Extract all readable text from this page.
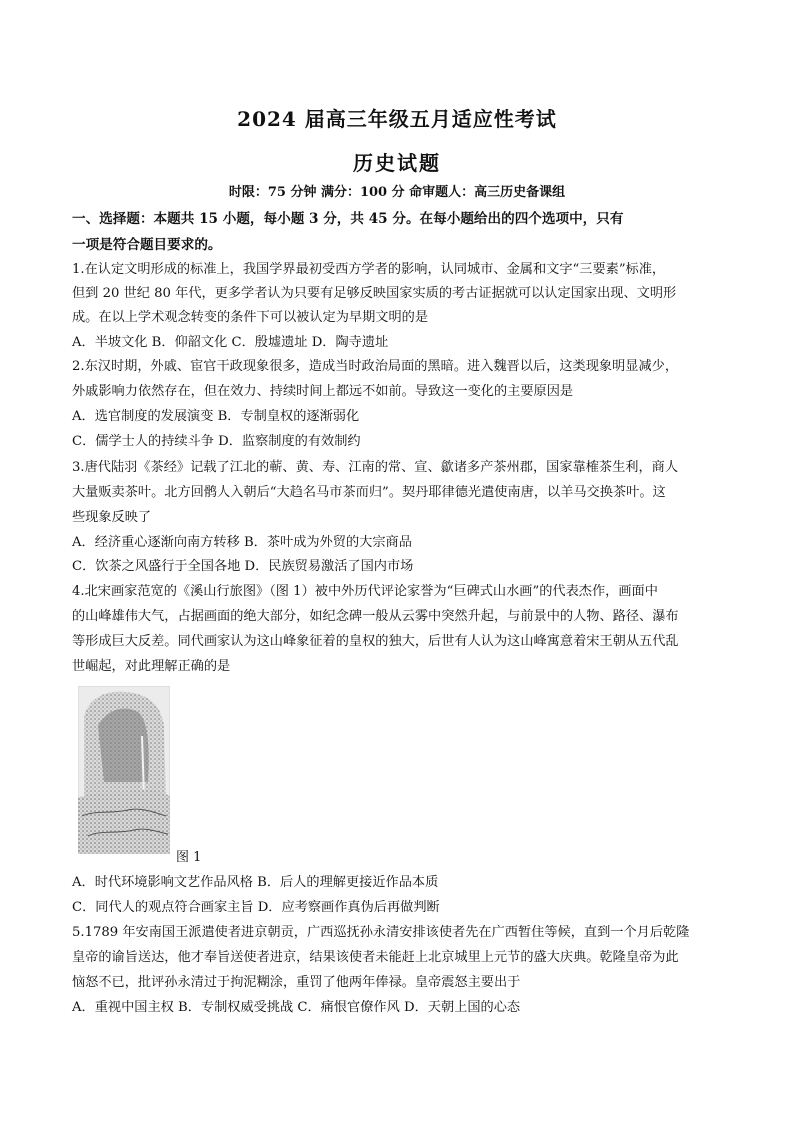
2024 届高三年级五月适应性考试
历史试题
时限：75 分钟 满分：100 分 命审题人：高三历史备课组
一、选择题：本题共 15 小题，每小题 3 分，共 45 分。在每小题给出的四个选项中，只有
一项是符合题目要求的。
1.在认定文明形成的标准上，我国学界最初受西方学者的影响，认同城市、金属和文字“三要素”标准，
但到 20 世纪 80 年代，更多学者认为只要有足够反映国家实质的考古证据就可以认定国家出现、文明形
成。在以上学术观念转变的条件下可以被认定为早期文明的是
A．半坡文化 B．仰韶文化 C．殷墟遗址 D．陶寺遗址
2.东汉时期，外戚、宦官干政现象很多，造成当时政治局面的黑暗。进入魏晋以后，这类现象明显减少，
外戚影响力依然存在，但在效力、持续时间上都远不如前。导致这一变化的主要原因是
A．选官制度的发展演变 B．专制皇权的逐渐弱化
C．儒学士人的持续斗争 D．监察制度的有效制约
3.唐代陆羽《茶经》记载了江北的蕲、黄、寿、江南的常、宣、歙诸多产茶州郡，国家靠榷茶生利，商人
大量贩卖茶叶。北方回鹘人入朝后“大趋名马市茶而归”。契丹耶律德光遣使南唐，以羊马交换茶叶。这
些现象反映了
A．经济重心逐渐向南方转移 B．茶叶成为外贸的大宗商品
C．饮茶之风盛行于全国各地 D．民族贸易激活了国内市场
4.北宋画家范宽的《溪山行旅图》（图 1）被中外历代评论家誉为“巨碑式山水画”的代表杰作，画面中
的山峰雄伟大气，占据画面的绝大部分，如纪念碑一般从云雾中突然升起，与前景中的人物、路径、瀑布
等形成巨大反差。同代画家认为这山峰象征着的皇权的独大，后世有人认为这山峰寓意着宋王朝从五代乱
世崛起，对此理解正确的是
图 1
A．时代环境影响文艺作品风格 B．后人的理解更接近作品本质
C．同代人的观点符合画家主旨 D．应考察画作真伪后再做判断
5.1789 年安南国王派遣使者进京朝贡，广西巡抚孙永清安排该使者先在广西暂住等候，直到一个月后乾隆
皇帝的谕旨送达，他才奉旨送使者进京，结果该使者未能赶上北京城里上元节的盛大庆典。乾隆皇帝为此
恼怒不已，批评孙永清过于拘泥糊涂，重罚了他两年俸禄。皇帝震怒主要出于
A．重视中国主权 B．专制权威受挑战 C．痛恨官僚作风 D．天朝上国的心态
